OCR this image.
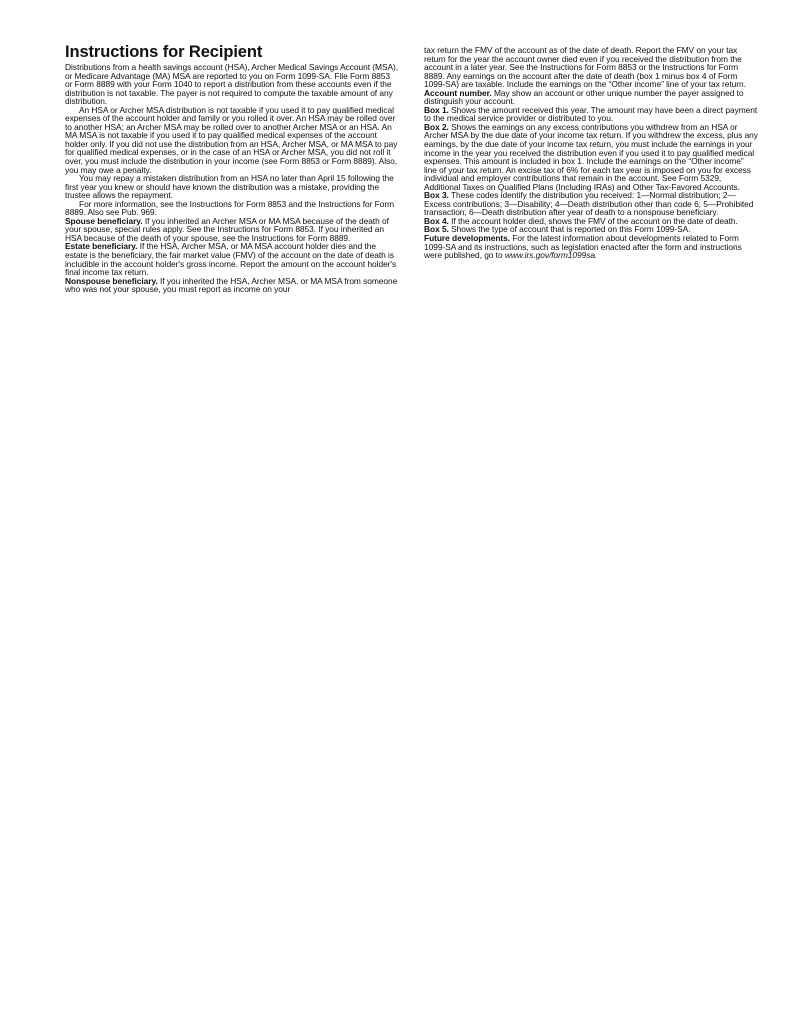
Instructions for Recipient

Distributions from a health savings account (HSA), Archer Medical Savings Account (MSA), or Medicare Advantage (MA) MSA are reported to you on Form 1099-SA. File Form 8853 or Form 8889 with your Form 1040 to report a distribution from these accounts even if the distribution is not taxable. The payer is not required to compute the taxable amount of any distribution.

An HSA or Archer MSA distribution is not taxable if you used it to pay qualified medical expenses of the account holder and family or you rolled it over. An HSA may be rolled over to another HSA; an Archer MSA may be rolled over to another Archer MSA or an HSA. An MA MSA is not taxable if you used it to pay qualified medical expenses of the account holder only. If you did not use the distribution from an HSA, Archer MSA, or MA MSA to pay for qualified medical expenses, or in the case of an HSA or Archer MSA, you did not roll it over, you must include the distribution in your income (see Form 8853 or Form 8889). Also, you may owe a penalty.

You may repay a mistaken distribution from an HSA no later than April 15 following the first year you knew or should have known the distribution was a mistake, providing the trustee allows the repayment.

For more information, see the Instructions for Form 8853 and the Instructions for Form 8889. Also see Pub. 969.

Spouse beneficiary. If you inherited an Archer MSA or MA MSA because of the death of your spouse, special rules apply. See the Instructions for Form 8853. If you inherited an HSA because of the death of your spouse, see the Instructions for Form 8889.

Estate beneficiary. If the HSA, Archer MSA, or MA MSA account holder dies and the estate is the beneficiary, the fair market value (FMV) of the account on the date of death is includible in the account holder's gross income. Report the amount on the account holder's final income tax return.

Nonspouse beneficiary. If you inherited the HSA, Archer MSA, or MA MSA from someone who was not your spouse, you must report as income on your

tax return the FMV of the account as of the date of death. Report the FMV on your tax return for the year the account owner died even if you received the distribution from the account in a later year. See the Instructions for Form 8853 or the Instructions for Form 8889. Any earnings on the account after the date of death (box 1 minus box 4 of Form 1099-SA) are taxable. Include the earnings on the “Other income” line of your tax return.

Account number. May show an account or other unique number the payer assigned to distinguish your account.

Box 1. Shows the amount received this year. The amount may have been a direct payment to the medical service provider or distributed to you.

Box 2. Shows the earnings on any excess contributions you withdrew from an HSA or Archer MSA by the due date of your income tax return. If you withdrew the excess, plus any earnings, by the due date of your income tax return, you must include the earnings in your income in the year you received the distribution even if you used it to pay qualified medical expenses. This amount is included in box 1. Include the earnings on the “Other income” line of your tax return. An excise tax of 6% for each tax year is imposed on you for excess individual and employer contributions that remain in the account. See Form 5329, Additional Taxes on Qualified Plans (Including IRAs) and Other Tax-Favored Accounts.

Box 3. These codes identify the distribution you received: 1—Normal distribution; 2—Excess contributions; 3—Disability; 4—Death distribution other than code 6; 5—Prohibited transaction; 6—Death distribution after year of death to a nonspouse beneficiary.

Box 4. If the account holder died, shows the FMV of the account on the date of death.

Box 5. Shows the type of account that is reported on this Form 1099-SA.

Future developments. For the latest information about developments related to Form 1099-SA and its instructions, such as legislation enacted after the form and instructions were published, go to www.irs.gov/form1099sa.
